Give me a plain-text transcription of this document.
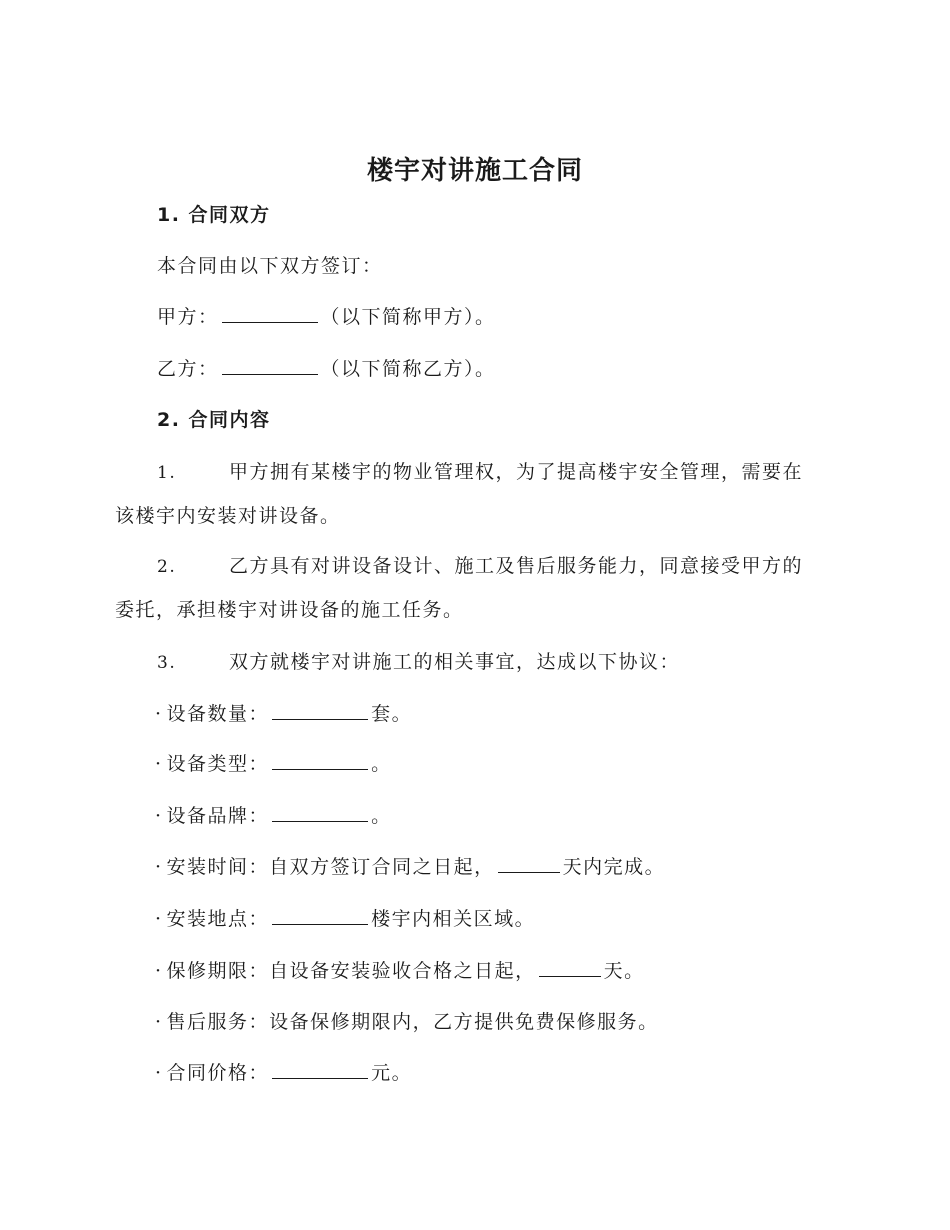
楼宇对讲施工合同
1. 合同双方
本合同由以下双方签订：
甲方：	（以下简称甲方）。
乙方：	（以下简称乙方）。
2. 合同内容
1.	甲方拥有某楼宇的物业管理权，为了提高楼宇安全管理，需要在
该楼宇内安装对讲设备。
2.	乙方具有对讲设备设计、施工及售后服务能力，同意接受甲方的
委托，承担楼宇对讲设备的施工任务。
3.	双方就楼宇对讲施工的相关事宜，达成以下协议：
· 设备数量：	套。
· 设备类型：	。
· 设备品牌：	。
· 安装时间：自双方签订合同之日起，	天内完成。
· 安装地点：	楼宇内相关区域。
· 保修期限：自设备安装验收合格之日起，	天。
· 售后服务：设备保修期限内，乙方提供免费保修服务。
· 合同价格：	元。
